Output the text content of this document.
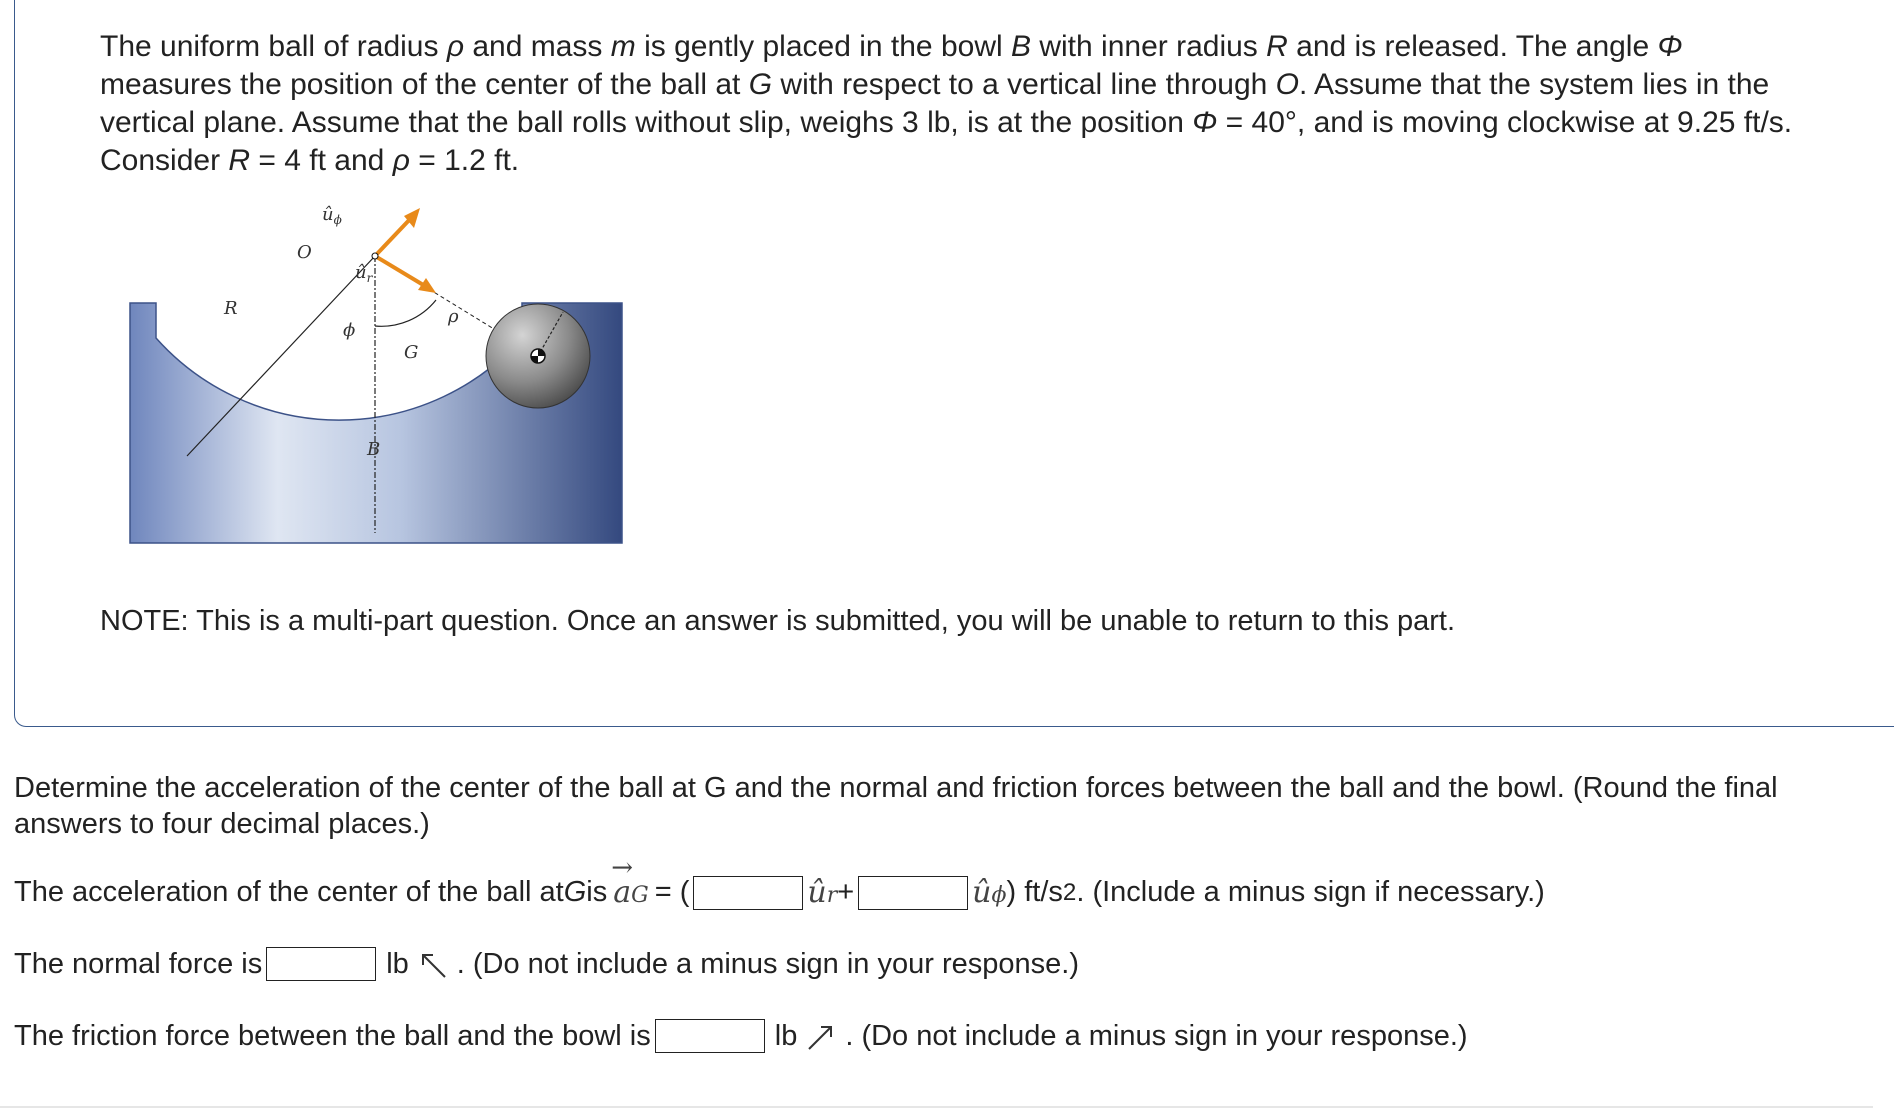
The uniform ball of radius ρ and mass m is gently placed in the bowl B with inner radius R and is released. The angle Φ measures the position of the center of the ball at G with respect to a vertical line through O. Assume that the system lies in the vertical plane. Assume that the ball rolls without slip, weighs 3 lb, is at the position Φ = 40°, and is moving clockwise at 9.25 ft/s. Consider R = 4 ft and ρ = 1.2 ft.
$û_\phi$
O
$û_r$
R
ϕ
ρ
G
B
NOTE: This is a multi-part question. Once an answer is submitted, you will be unable to return to this part.
Determine the acceleration of the center of the ball at G and the normal and friction forces between the ball and the bowl. (Round the final answers to four decimal places.)
The acceleration of the center of the ball at G is
→
aG = (	ûr +	ûϕ ) ft/s 2 . (Include a minus sign if necessary.)
The normal force is	lb . (Do not include a minus sign in your response.)
The friction force between the ball and the bowl is	lb . (Do not include a minus sign in your response.)
